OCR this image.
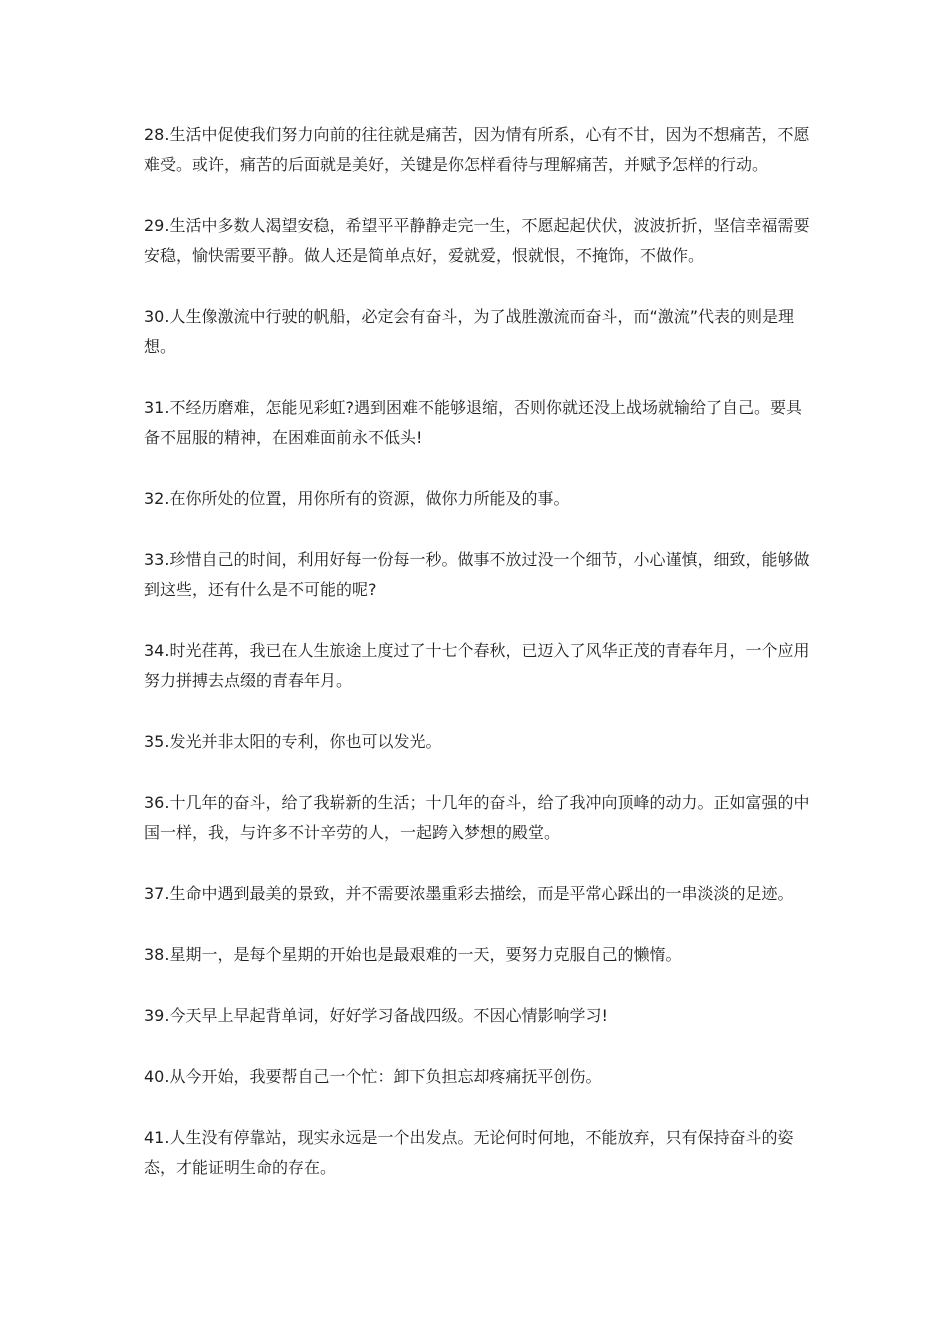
28.生活中促使我们努力向前的往往就是痛苦，因为情有所系，心有不甘，因为不想痛苦，不愿难受。或许，痛苦的后面就是美好，关键是你怎样看待与理解痛苦，并赋予怎样的行动。

29.生活中多数人渴望安稳，希望平平静静走完一生，不愿起起伏伏，波波折折，坚信幸福需要安稳，愉快需要平静。做人还是简单点好，爱就爱，恨就恨，不掩饰，不做作。

30.人生像激流中行驶的帆船，必定会有奋斗，为了战胜激流而奋斗，而“激流”代表的则是理想。

31.不经历磨难，怎能见彩虹?遇到困难不能够退缩，否则你就还没上战场就输给了自己。要具备不屈服的精神，在困难面前永不低头!

32.在你所处的位置，用你所有的资源，做你力所能及的事。

33.珍惜自己的时间，利用好每一份每一秒。做事不放过没一个细节，小心谨慎，细致，能够做到这些，还有什么是不可能的呢?

34.时光荏苒，我已在人生旅途上度过了十七个春秋，已迈入了风华正茂的青春年月，一个应用努力拼搏去点缀的青春年月。

35.发光并非太阳的专利，你也可以发光。

36.十几年的奋斗，给了我崭新的生活；十几年的奋斗，给了我冲向顶峰的动力。正如富强的中国一样，我，与许多不计辛劳的人，一起跨入梦想的殿堂。

37.生命中遇到最美的景致，并不需要浓墨重彩去描绘，而是平常心踩出的一串淡淡的足迹。

38.星期一，是每个星期的开始也是最艰难的一天，要努力克服自己的懒惰。

39.今天早上早起背单词，好好学习备战四级。不因心情影响学习!

40.从今开始，我要帮自己一个忙：卸下负担忘却疼痛抚平创伤。

41.人生没有停靠站，现实永远是一个出发点。无论何时何地，不能放弃，只有保持奋斗的姿态，才能证明生命的存在。
